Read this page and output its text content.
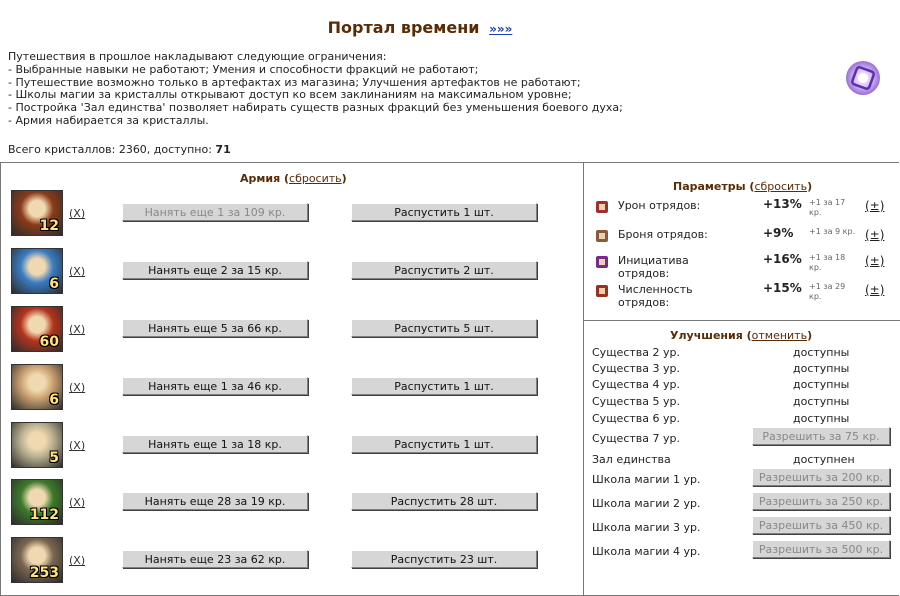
Портал времени »»»
Путешествия в прошлое накладывают следующие ограничения:
- Выбранные навыки не работают; Умения и способности фракций не работают;
- Путешествие возможно только в артефактах из магазина; Улучшения артефактов не работают;
- Школы магии за кристаллы открывают доступ ко всем заклинаниям на максимальном уровне;
- Постройка 'Зал единства' позволяет набирать существ разных фракций без уменьшения боевого духа;
- Армия набирается за кристаллы.
Всего кристаллов: 2360, доступно: 71
Армия (сбросить)
12
(X)	Нанять еще 1 за 109 кр.	Распустить 1 шт.
6
(X)	Нанять еще 2 за 15 кр.	Распустить 2 шт.
60
(X)	Нанять еще 5 за 66 кр.	Распустить 5 шт.
6
(X)	Нанять еще 1 за 46 кр.	Распустить 1 шт.
5
(X)	Нанять еще 1 за 18 кр.	Распустить 1 шт.
112
(X)	Нанять еще 28 за 19 кр.	Распустить 28 шт.
253
(X)	Нанять еще 23 за 62 кр.	Распустить 23 шт.
Параметры (сбросить)
Урон отрядов:	+13% +1 за 17 кр.	(±)
Броня отрядов:	+9% +1 за 9 кр. (±)
Инициатива
отрядов:
+16% +1 за 18 кр.	(±)
Численность
отрядов:
+15% +1 за 29 кр.	(±)
Улучшения (отменить)
Существа 2 ур.	доступны
Существа 3 ур.	доступны
Существа 4 ур.	доступны
Существа 5 ур.	доступны
Существа 6 ур.	доступны
Существа 7 ур.	Разрешить за 75 кр.
Зал единства	доступнен
Школа магии 1 ур.	Разрешить за 200 кр.
Школа магии 2 ур.	Разрешить за 250 кр.
Школа магии 3 ур.	Разрешить за 450 кр.
Школа магии 4 ур.	Разрешить за 500 кр.
